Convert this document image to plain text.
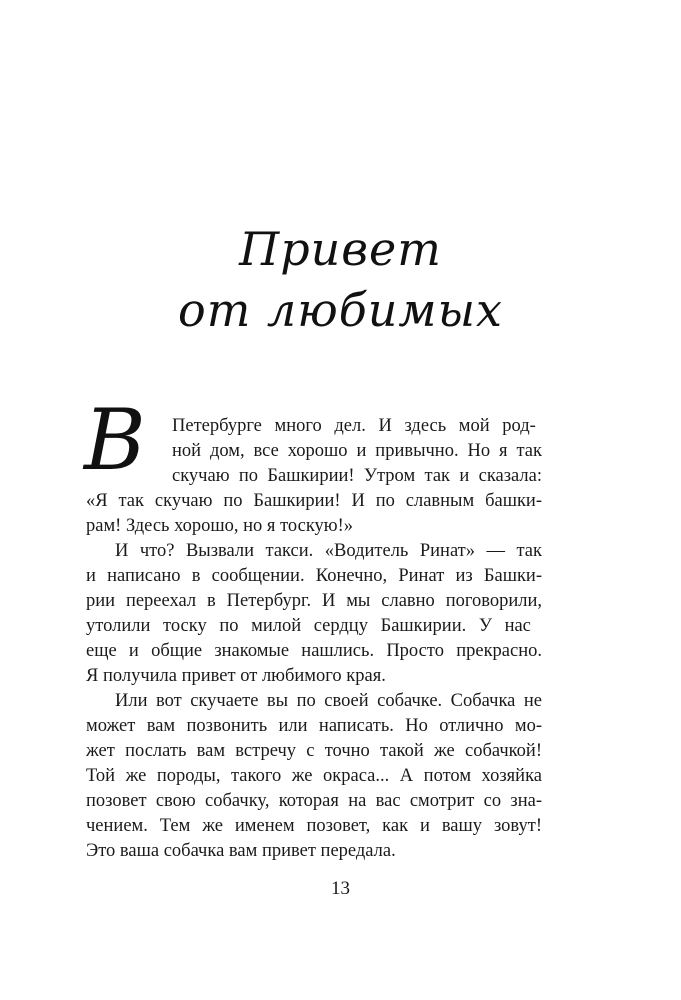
Привет
от любимых
В Петербурге много дел. И здесь мой род-
ной дом, все хорошо и привычно. Но я так
скучаю по Башкирии! Утром так и сказала:
«Я так скучаю по Башкирии! И по славным башки-
рам! Здесь хорошо, но я тоскую!»
И что? Вызвали такси. «Водитель Ринат» — так
и написано в сообщении. Конечно, Ринат из Башки-
рии переехал в Петербург. И мы славно поговорили,
утолили тоску по милой сердцу Башкирии. У нас
еще и общие знакомые нашлись. Просто прекрасно.
Я получила привет от любимого края.
Или вот скучаете вы по своей собачке. Собачка не
может вам позвонить или написать. Но отлично мо-
жет послать вам встречу с точно такой же собачкой!
Той же породы, такого же окраса... А потом хозяйка
позовет свою собачку, которая на вас смотрит со зна-
чением. Тем же именем позовет, как и вашу зовут!
Это ваша собачка вам привет передала.
13
